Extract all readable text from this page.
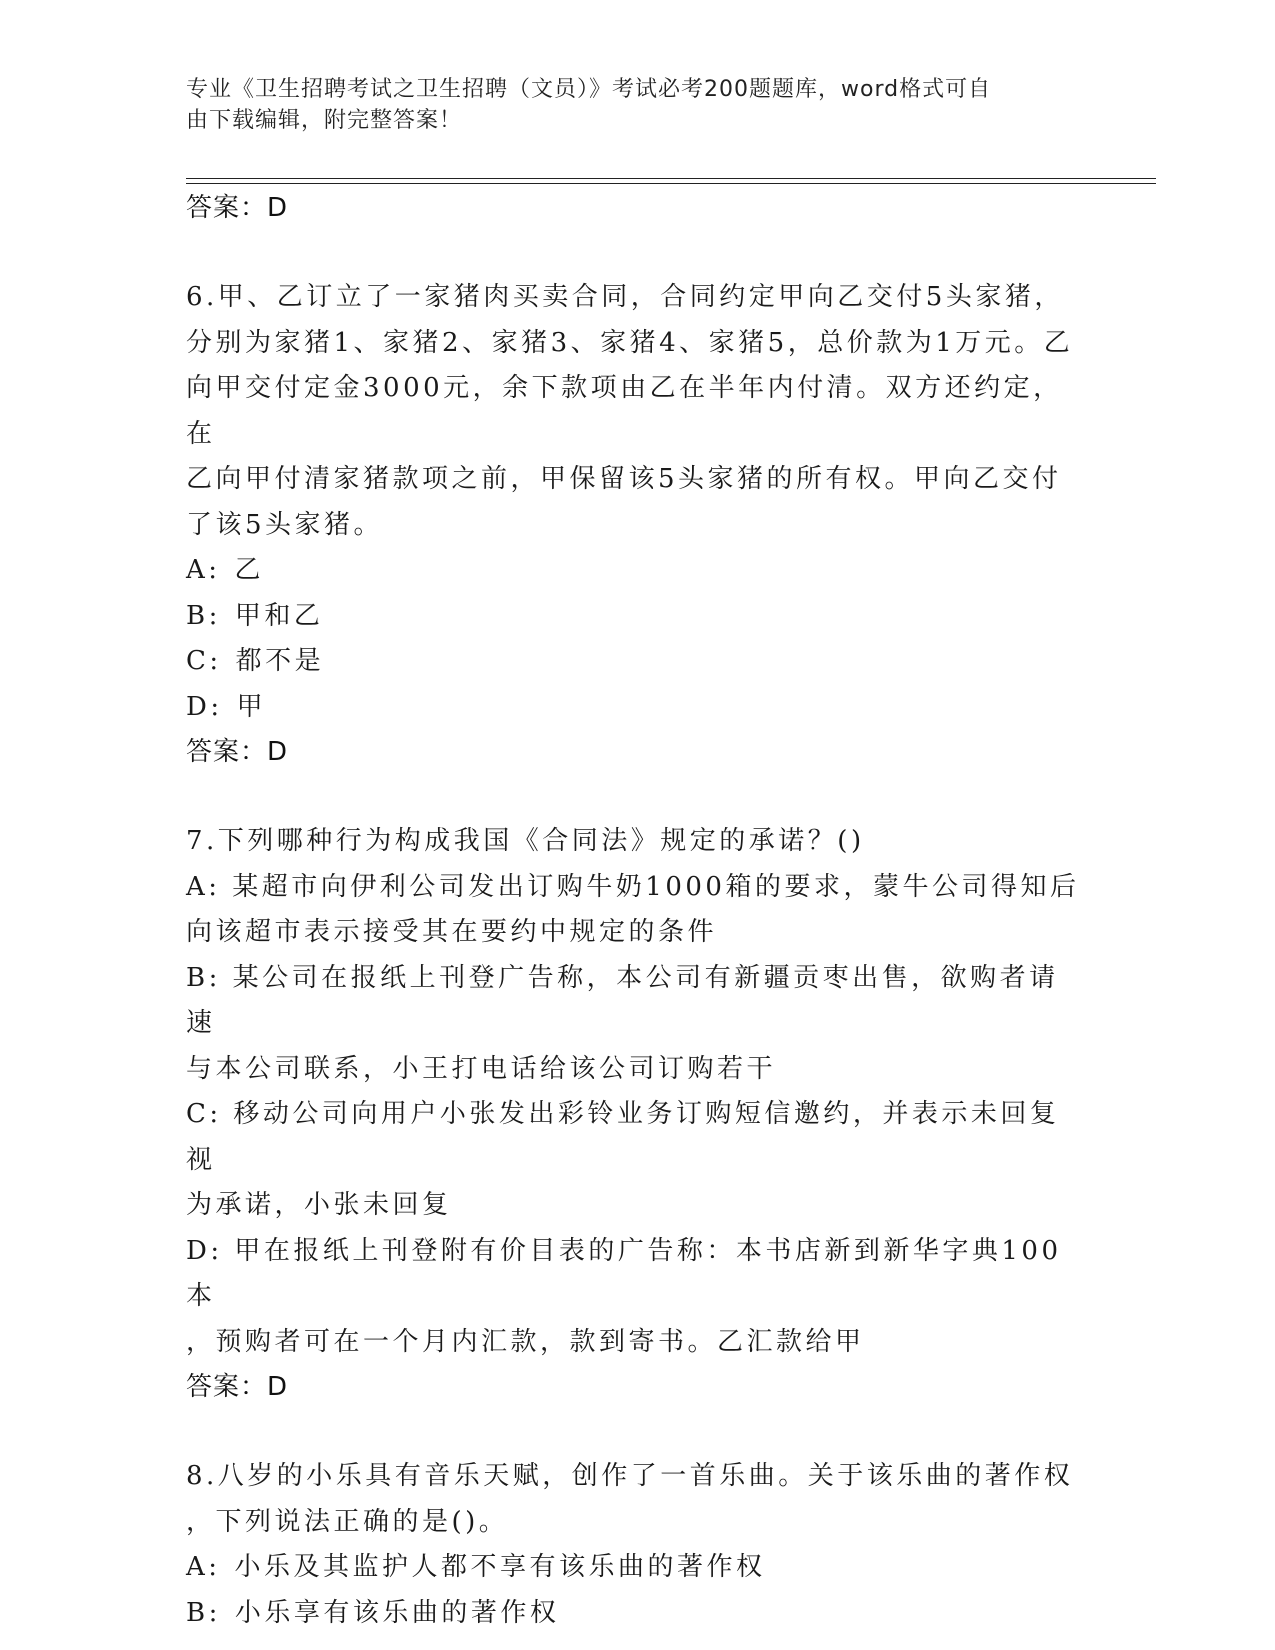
专业《卫生招聘考试之卫生招聘（文员）》考试必考200题题库，word格式可自
由下载编辑，附完整答案！
答案：D
6.甲、乙订立了一家猪肉买卖合同，合同约定甲向乙交付5头家猪，
分别为家猪1、家猪2、家猪3、家猪4、家猪5，总价款为1万元。乙
向甲交付定金3000元，余下款项由乙在半年内付清。双方还约定，在
乙向甲付清家猪款项之前，甲保留该5头家猪的所有权。甲向乙交付
了该5头家猪。
A: 乙
B: 甲和乙
C: 都不是
D: 甲
答案：D
7.下列哪种行为构成我国《合同法》规定的承诺？()
A: 某超市向伊利公司发出订购牛奶1000箱的要求，蒙牛公司得知后
向该超市表示接受其在要约中规定的条件
B: 某公司在报纸上刊登广告称，本公司有新疆贡枣出售，欲购者请速
与本公司联系，小王打电话给该公司订购若干
C: 移动公司向用户小张发出彩铃业务订购短信邀约，并表示未回复视
为承诺，小张未回复
D: 甲在报纸上刊登附有价目表的广告称：本书店新到新华字典100本
，预购者可在一个月内汇款，款到寄书。乙汇款给甲
答案：D
8.八岁的小乐具有音乐天赋，创作了一首乐曲。关于该乐曲的著作权
，下列说法正确的是()。
A: 小乐及其监护人都不享有该乐曲的著作权
B: 小乐享有该乐曲的著作权
